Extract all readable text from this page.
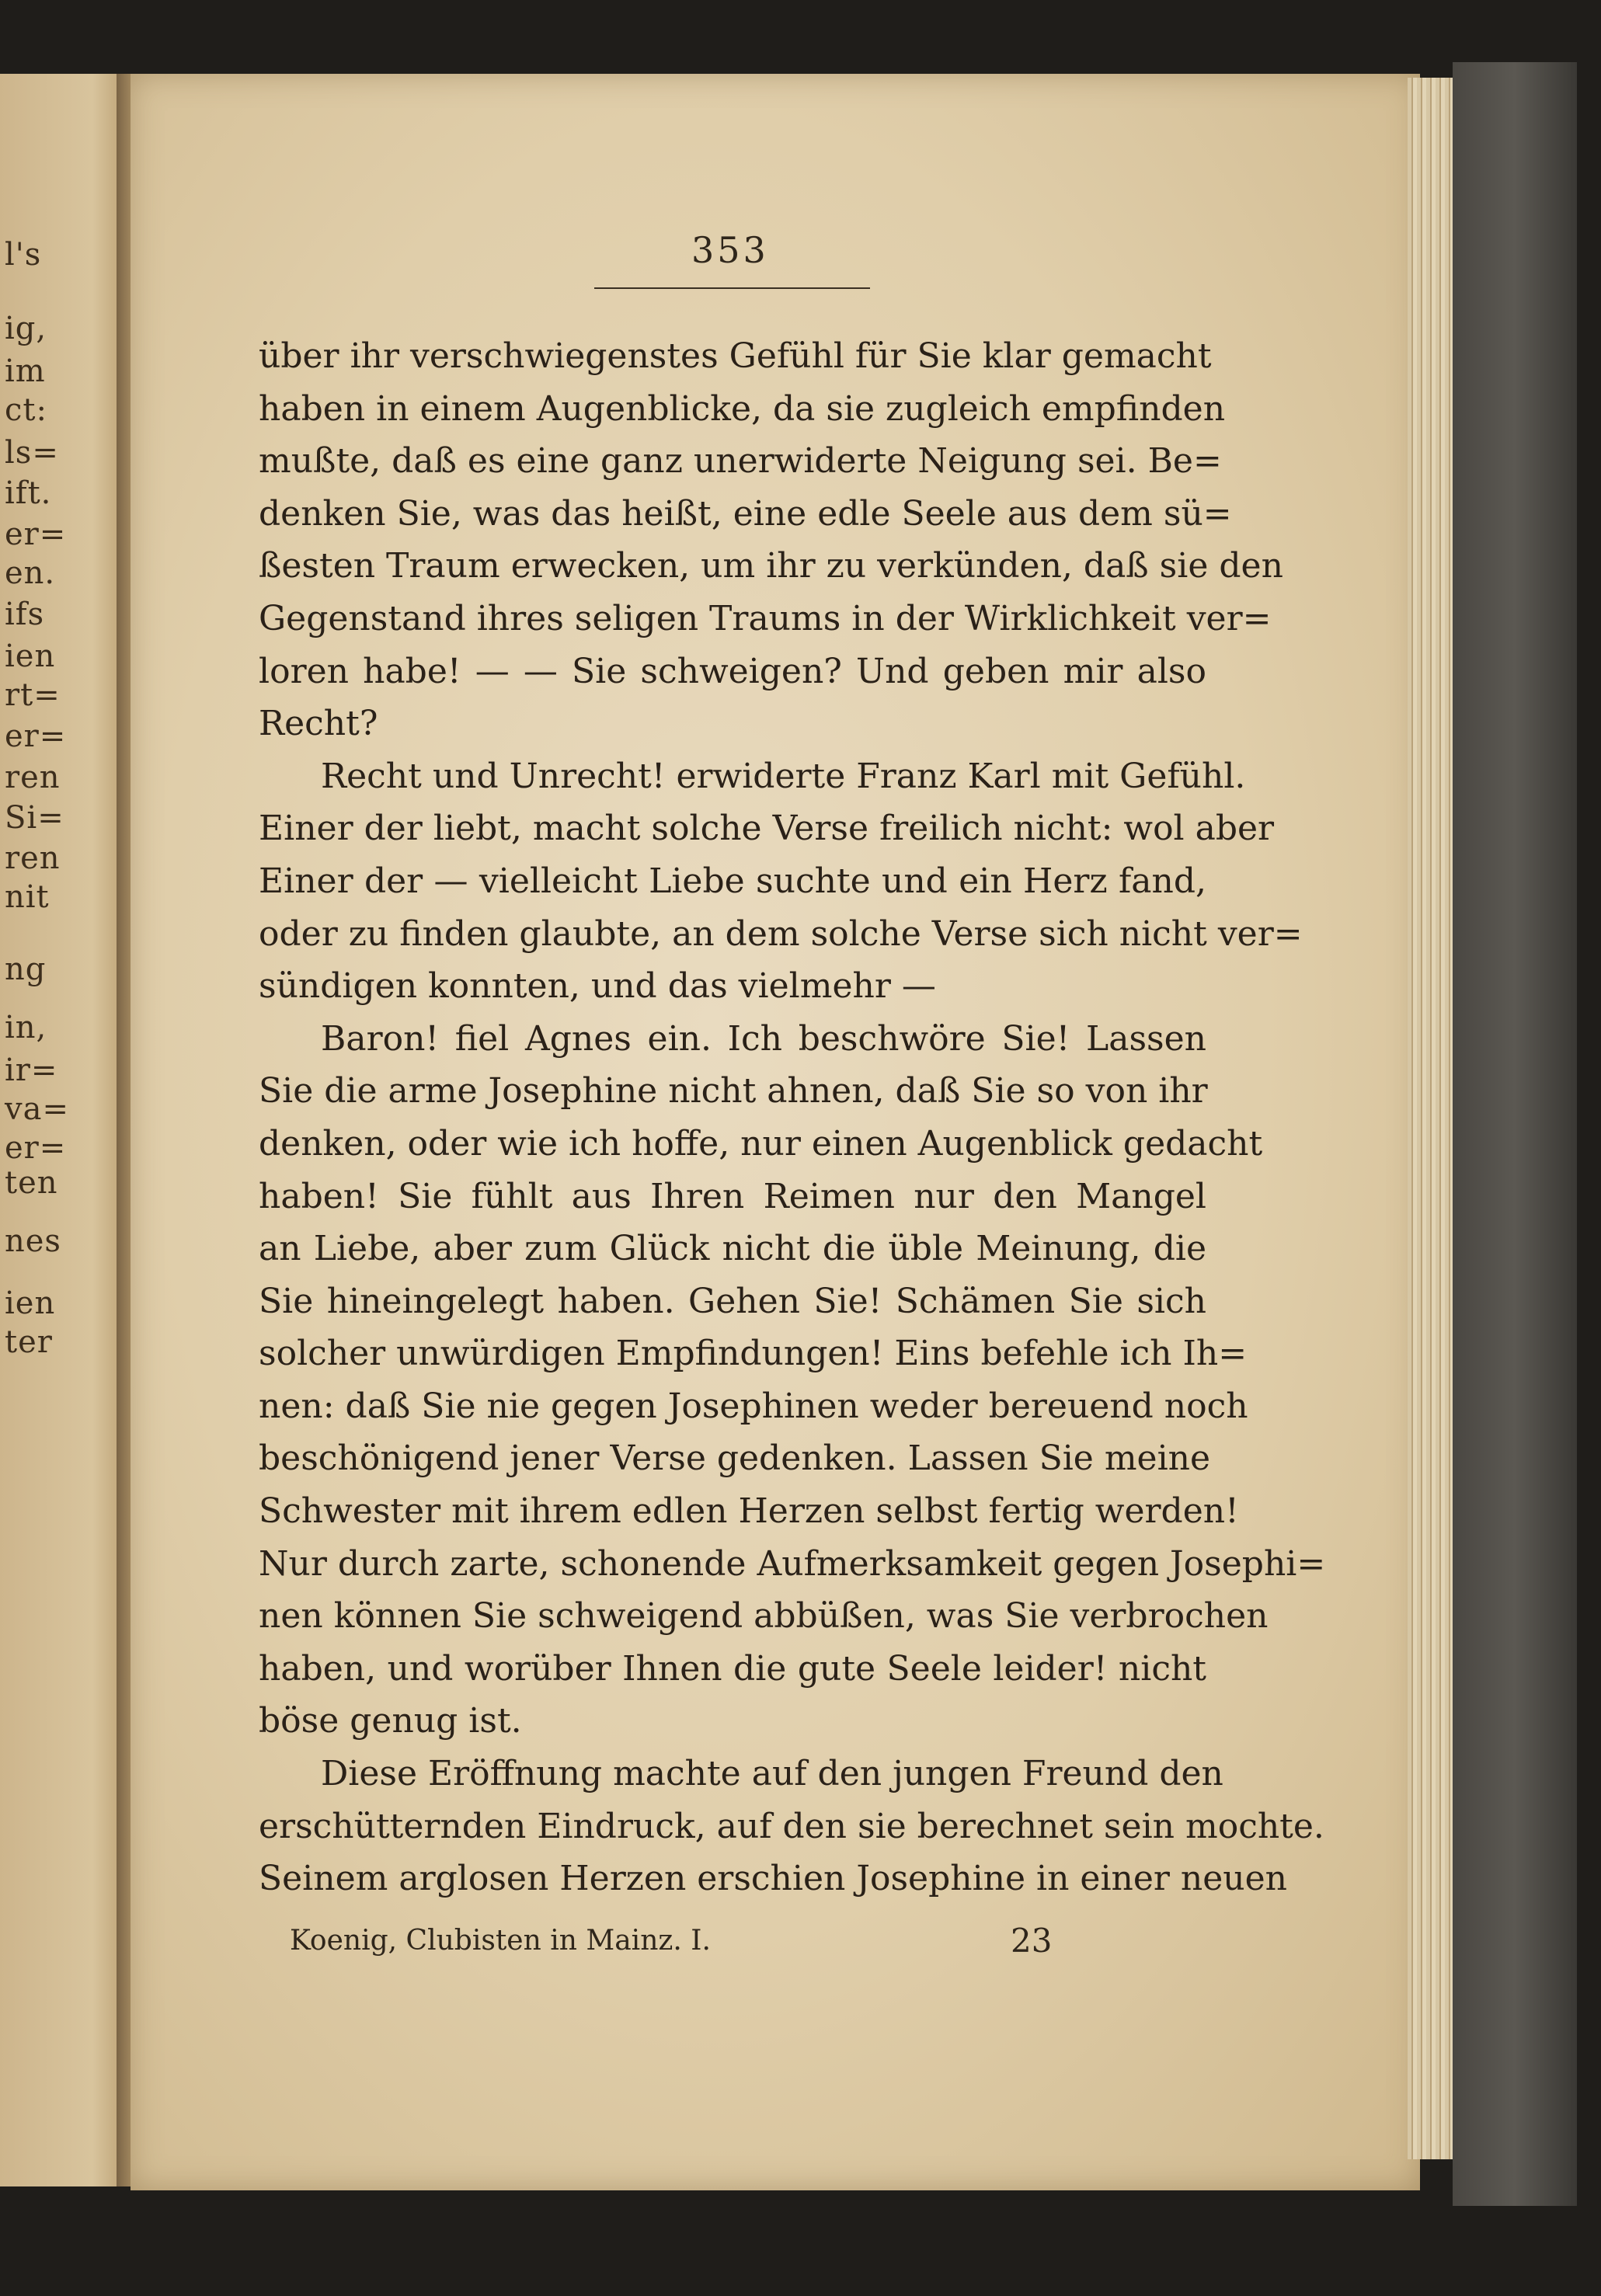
l's
ig,
im
ct:
ls=
ift.
er=
en.
ifs
ien
rt=
er=
ren
Si=
ren
nit
ng
in,
ir=
va=
er=
ten
nes
ien
ter
353
über ihr verschwiegenstes Gefühl für Sie klar gemacht
haben in einem Augenblicke, da sie zugleich empfinden
mußte, daß es eine ganz unerwiderte Neigung sei. Be=
denken Sie, was das heißt, eine edle Seele aus dem sü=
ßesten Traum erwecken, um ihr zu verkünden, daß sie den
Gegenstand ihres seligen Traums in der Wirklichkeit ver=
loren habe! — — Sie schweigen? Und geben mir also
Recht?
Recht und Unrecht! erwiderte Franz Karl mit Gefühl.
Einer der liebt, macht solche Verse freilich nicht: wol aber
Einer der — vielleicht Liebe suchte und ein Herz fand,
oder zu finden glaubte, an dem solche Verse sich nicht ver=
sündigen konnten, und das vielmehr —
Baron! fiel Agnes ein. Ich beschwöre Sie! Lassen
Sie die arme Josephine nicht ahnen, daß Sie so von ihr
denken, oder wie ich hoffe, nur einen Augenblick gedacht
haben! Sie fühlt aus Ihren Reimen nur den Mangel
an Liebe, aber zum Glück nicht die üble Meinung, die
Sie hineingelegt haben. Gehen Sie! Schämen Sie sich
solcher unwürdigen Empfindungen! Eins befehle ich Ih=
nen: daß Sie nie gegen Josephinen weder bereuend noch
beschönigend jener Verse gedenken. Lassen Sie meine
Schwester mit ihrem edlen Herzen selbst fertig werden!
Nur durch zarte, schonende Aufmerksamkeit gegen Josephi=
nen können Sie schweigend abbüßen, was Sie verbrochen
haben, und worüber Ihnen die gute Seele leider! nicht
böse genug ist.
Diese Eröffnung machte auf den jungen Freund den
erschütternden Eindruck, auf den sie berechnet sein mochte.
Seinem arglosen Herzen erschien Josephine in einer neuen
Koenig, Clubisten in Mainz. I.	23
